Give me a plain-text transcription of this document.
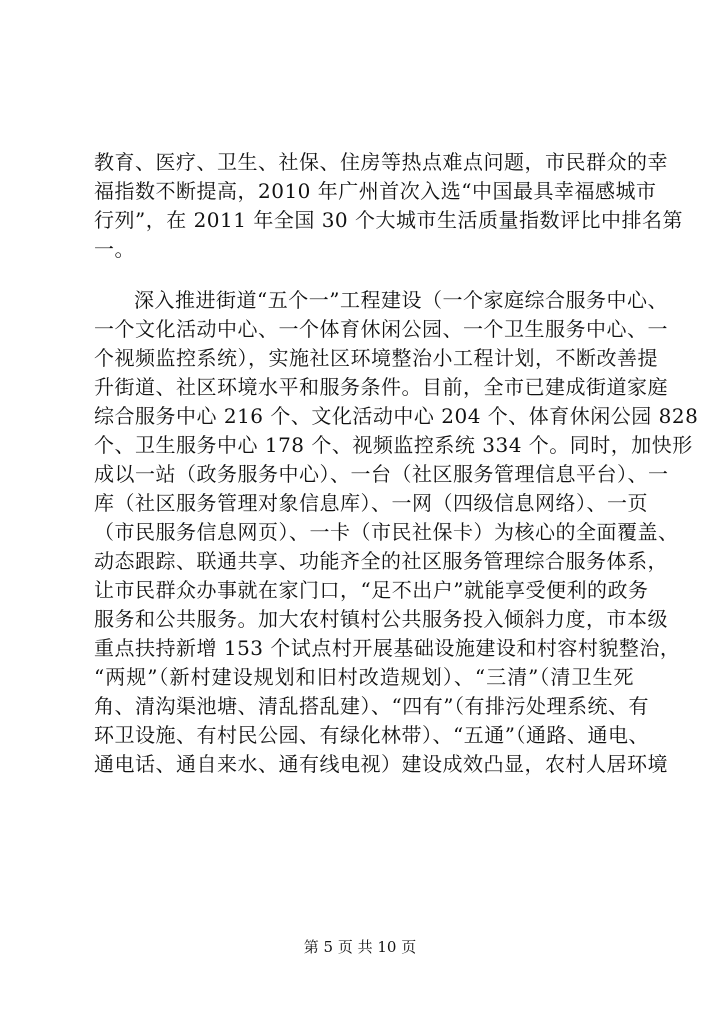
教育、医疗、卫生、社保、住房等热点难点问题，市民群众的幸
福指数不断提高，2010 年广州首次入选“中国最具幸福感城市
行列”，在 2011 年全国 30 个大城市生活质量指数评比中排名第
一。
深入推进街道“五个一”工程建设（一个家庭综合服务中心、
一个文化活动中心、一个体育休闲公园、一个卫生服务中心、一
个视频监控系统），实施社区环境整治小工程计划，不断改善提
升街道、社区环境水平和服务条件。目前，全市已建成街道家庭
综合服务中心 216 个、文化活动中心 204 个、体育休闲公园 828
个、卫生服务中心 178 个、视频监控系统 334 个。同时，加快形
成以一站（政务服务中心）、一台（社区服务管理信息平台）、一
库（社区服务管理对象信息库）、一网（四级信息网络）、一页
（市民服务信息网页）、一卡（市民社保卡）为核心的全面覆盖、
动态跟踪、联通共享、功能齐全的社区服务管理综合服务体系，
让市民群众办事就在家门口，“足不出户”就能享受便利的政务
服务和公共服务。加大农村镇村公共服务投入倾斜力度，市本级
重点扶持新增 153 个试点村开展基础设施建设和村容村貌整治，
“两规”（新村建设规划和旧村改造规划）、“三清”（清卫生死
角、清沟渠池塘、清乱搭乱建）、“四有”（有排污处理系统、有
环卫设施、有村民公园、有绿化林带）、“五通”（通路、通电、
通电话、通自来水、通有线电视）建设成效凸显，农村人居环境
第 5 页 共 10 页
